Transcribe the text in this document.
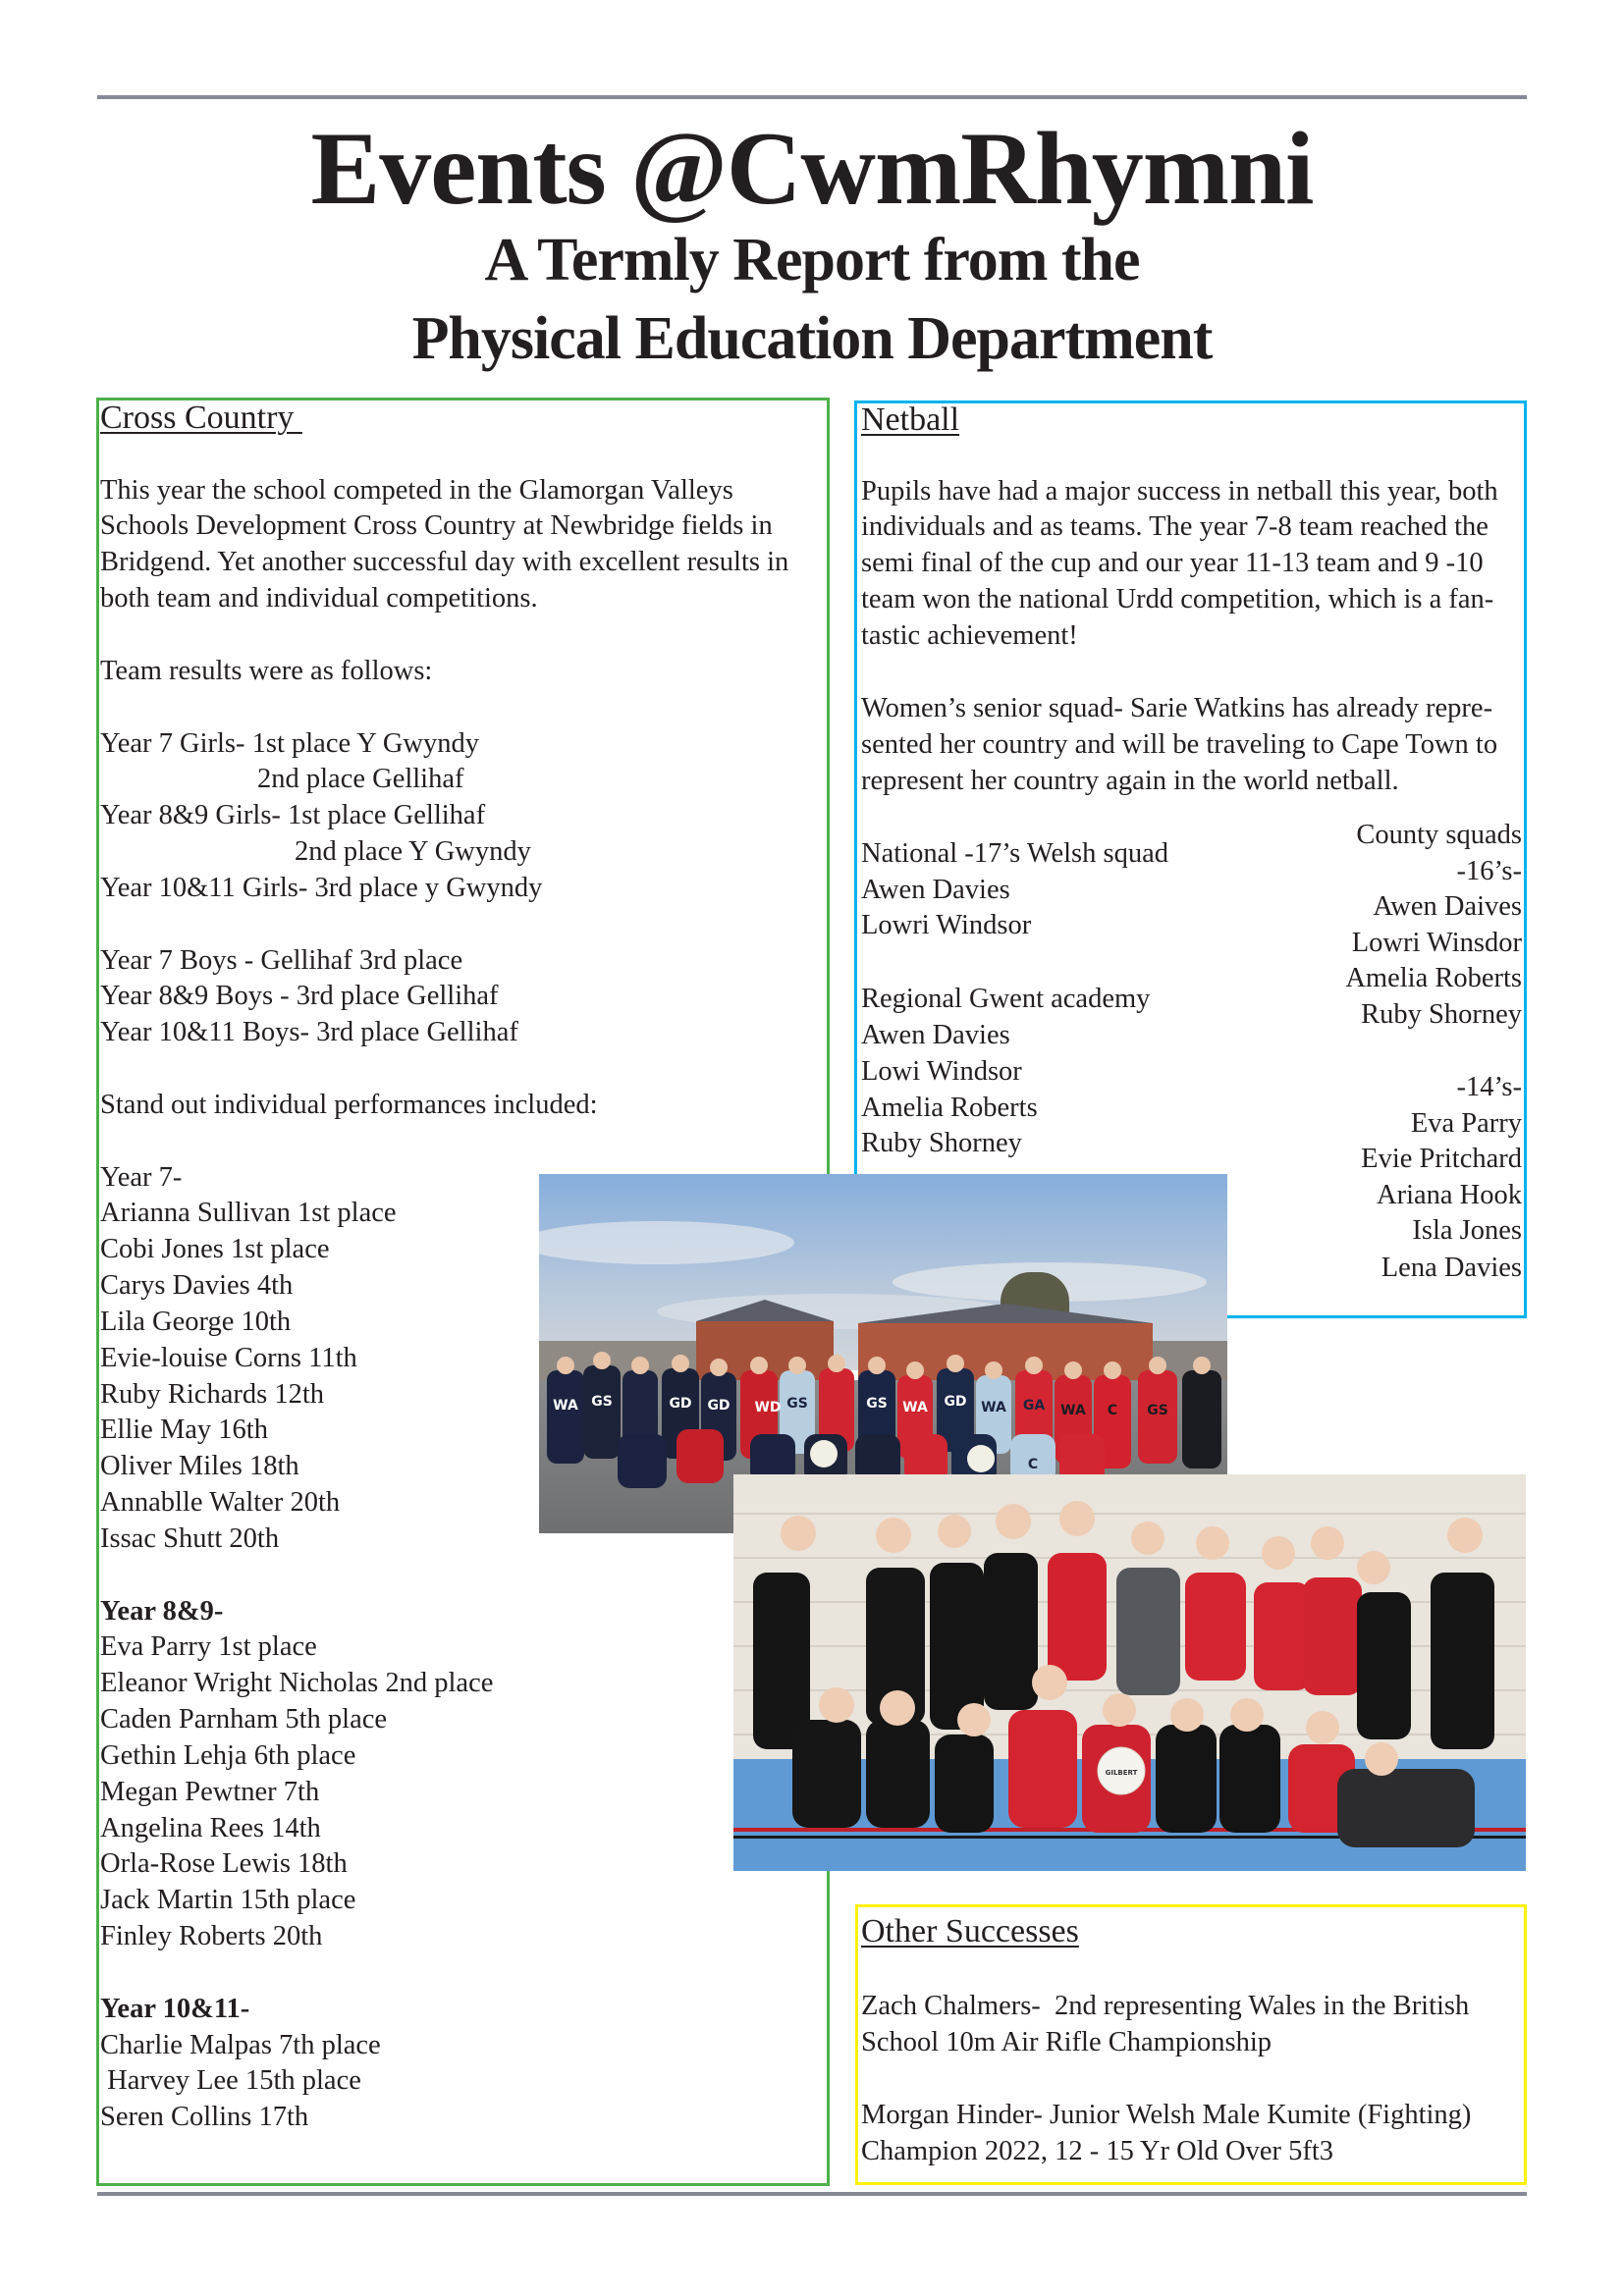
Events @CwmRhymni
A Termly Report from the
Physical Education Department
Cross Country
This year the school competed in the Glamorgan Valleys
Schools Development Cross Country at Newbridge fields in
Bridgend. Yet another successful day with excellent results in
both team and individual competitions.
Team results were as follows:
Year 7 Girls- 1st place Y Gwyndy
2nd place Gellihaf
Year 8&9 Girls- 1st place Gellihaf
2nd place Y Gwyndy
Year 10&11 Girls- 3rd place y Gwyndy
Year 7 Boys - Gellihaf 3rd place
Year 8&9 Boys - 3rd place Gellihaf
Year 10&11 Boys- 3rd place Gellihaf
Stand out individual performances included:
Year 7-
Arianna Sullivan 1st place
Cobi Jones 1st place
Carys Davies 4th
Lila George 10th
Evie-louise Corns 11th
Ruby Richards 12th
Ellie May 16th
Oliver Miles 18th
Annablle Walter 20th
Issac Shutt 20th
Year 8&9-
Eva Parry 1st place
Eleanor Wright Nicholas 2nd place
Caden Parnham 5th place
Gethin Lehja 6th place
Megan Pewtner 7th
Angelina Rees 14th
Orla-Rose Lewis 18th
Jack Martin 15th place
Finley Roberts 20th
Year 10&11-
Charlie Malpas 7th place
Harvey Lee 15th place
Seren Collins 17th
Netball
Pupils have had a major success in netball this year, both
individuals and as teams. The year 7-8 team reached the
semi final of the cup and our year 11-13 team and 9 -10
team won the national Urdd competition, which is a fan-
tastic achievement!
Women’s senior squad- Sarie Watkins has already repre-
sented her country and will be traveling to Cape Town to
represent her country again in the world netball.
National -17’s Welsh squad
Awen Davies
Lowri Windsor
Regional Gwent academy
Awen Davies
Lowi Windsor
Amelia Roberts
Ruby Shorney
County squads
-16’s-
Awen Daives
Lowri Winsdor
Amelia Roberts
Ruby Shorney
-14’s-
Eva Parry
Evie Pritchard
Ariana Hook
Isla Jones
Lena Davies
WA GS	GD GD WD GS	GS WA GD WA GA WA C GS
C
GILBERT
Other Successes
Zach Chalmers-  2nd representing Wales in the British
School 10m Air Rifle Championship
Morgan Hinder- Junior Welsh Male Kumite (Fighting)
Champion 2022, 12 - 15 Yr Old Over 5ft3
